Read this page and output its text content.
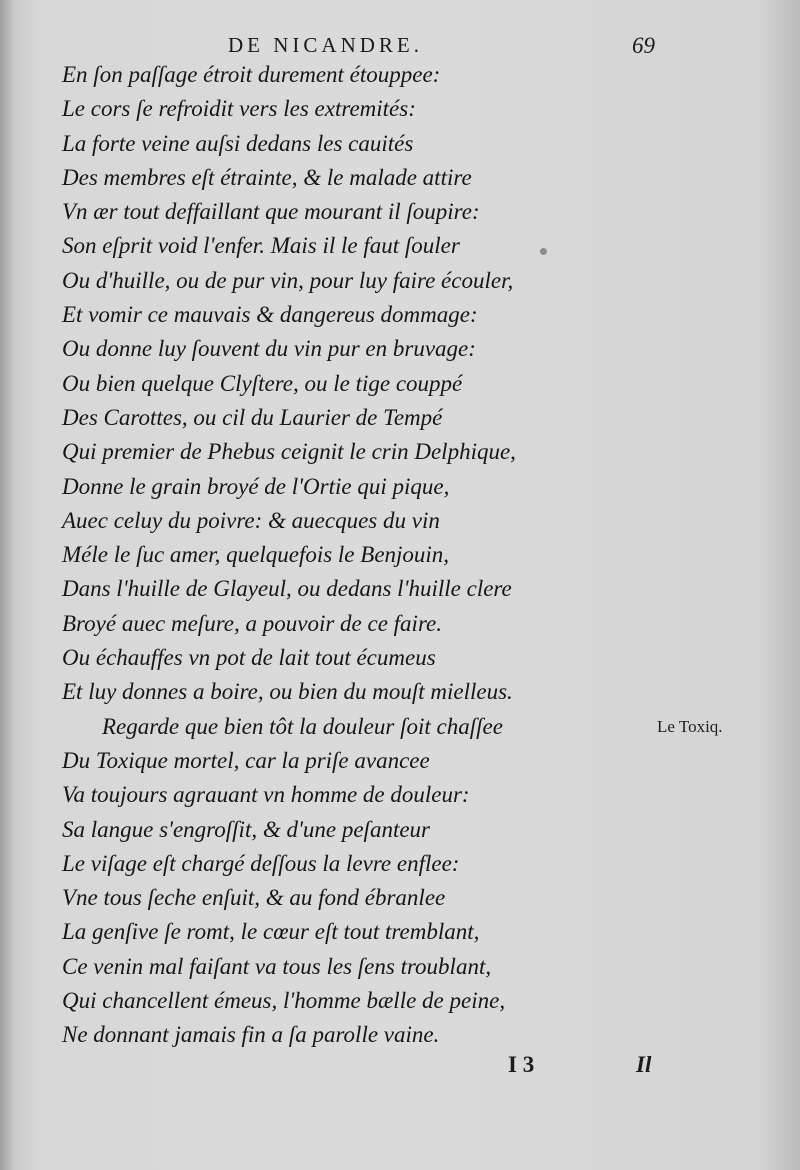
DE NICANDRE.	69
En ſon paſſage étroit durement étouppee:
Le cors ſe refroidit vers les extremités:
La forte veine auſsi dedans les cauités
Des membres eſt étrainte, & le malade attire
Vn ær tout deffaillant que mourant il ſoupire:
Son eſprit void l'enfer. Mais il le faut ſouler
Ou d'huille, ou de pur vin, pour luy faire écouler,
Et vomir ce mauvais & dangereus dommage:
Ou donne luy ſouvent du vin pur en bruvage:
Ou bien quelque Clyſtere, ou le tige couppé
Des Carottes, ou cil du Laurier de Tempé
Qui premier de Phebus ceignit le crin Delphique,
Donne le grain broyé de l'Ortie qui pique,
Auec celuy du poivre: & auecques du vin
Méle le ſuc amer, quelquefois le Benjouin,
Dans l'huille de Glayeul, ou dedans l'huille clere
Broyé auec meſure, a pouvoir de ce faire.
Ou échauffes vn pot de lait tout écumeus
Et luy donnes a boire, ou bien du mouſt mielleus.
Regarde que bien tôt la douleur ſoit chaſſee
Du Toxique mortel, car la priſe avancee
Va toujours agrauant vn homme de douleur:
Sa langue s'engroſſit, & d'une peſanteur
Le viſage eſt chargé deſſous la levre enflee:
Vne tous ſeche enſuit, & au fond ébranlee
La genſive ſe romt, le cœur eſt tout tremblant,
Ce venin mal faiſant va tous les ſens troublant,
Qui chancellent émeus, l'homme bælle de peine,
Ne donnant jamais fin a ſa parolle vaine.
Le Toxiq.
I 3	Il
